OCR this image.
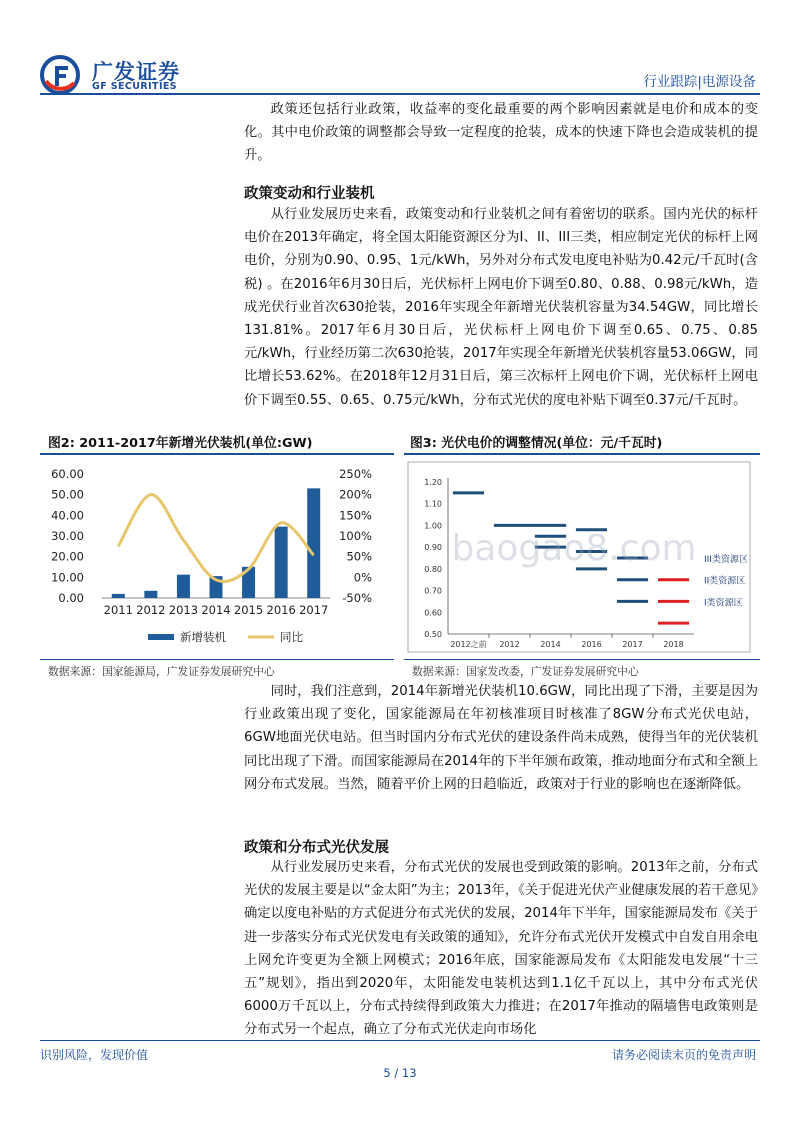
广发证券
GF SECURITIES	行业跟踪|电源设备

政策还包括行业政策，收益率的变化最重要的两个影响因素就是电价和成本的变化。其中电价政策的调整都会导致一定程度的抢装，成本的快速下降也会造成装机的提升。

政策变动和行业装机

从行业发展历史来看，政策变动和行业装机之间有着密切的联系。国内光伏的标杆电价在2013年确定，将全国太阳能资源区分为I、II、III三类，相应制定光伏的标杆上网电价，分别为0.90、0.95、1元/kWh，另外对分布式发电度电补贴为0.42元/千瓦时(含税) 。在2016年6月30日后，光伏标杆上网电价下调至0.80、0.88、0.98元/kWh，造成光伏行业首次630抢装，2016年实现全年新增光伏装机容量为34.54GW，同比增长131.81%。2017年6月30日后，光伏标杆上网电价下调至0.65、0.75、0.85元/kWh，行业经历第二次630抢装，2017年实现全年新增光伏装机容量53.06GW，同比增长53.62%。在2018年12月31日后，第三次标杆上网电价下调，光伏标杆上网电价下调至0.55、0.65、0.75元/kWh，分布式光伏的度电补贴下调至0.37元/千瓦时。

图2: 2011-2017年新增光伏装机(单位:GW)
0.00
10.00
20.00
30.00
40.00
50.00
60.00
-50%
0%
50%
100%
150%
200%
250%
2011 2012 2013 2014 2015 2016 2017
新增装机	同比
数据来源：国家能源局，广发证券发展研究中心
图3: 光伏电价的调整情况(单位：元/千瓦时)
0.50
0.60
0.70
0.80
0.90
1.00
1.10
1.20
2012之前 2012	2014	2016	2017	2018
III类资源区
II类资源区
I类资源区
baogao8.com
数据来源：国家发改委，广发证券发展研究中心

同时，我们注意到，2014年新增光伏装机10.6GW，同比出现了下滑，主要是因为行业政策出现了变化，国家能源局在年初核准项目时核准了8GW分布式光伏电站，6GW地面光伏电站。但当时国内分布式光伏的建设条件尚未成熟，使得当年的光伏装机同比出现了下滑。而国家能源局在2014年的下半年颁布政策，推动地面分布式和全额上网分布式发展。当然，随着平价上网的日趋临近，政策对于行业的影响也在逐渐降低。

政策和分布式光伏发展

从行业发展历史来看，分布式光伏的发展也受到政策的影响。2013年之前，分布式光伏的发展主要是以“金太阳”为主；2013年，《关于促进光伏产业健康发展的若干意见》确定以度电补贴的方式促进分布式光伏的发展，2014年下半年，国家能源局发布《关于进一步落实分布式光伏发电有关政策的通知》，允许分布式光伏开发模式中自发自用余电上网允许变更为全额上网模式；2016年底，国家能源局发布《太阳能发电发展“十三五”规划》，指出到2020年，太阳能发电装机达到1.1亿千瓦以上，其中分布式光伏6000万千瓦以上，分布式持续得到政策大力推进；在2017年推动的隔墙售电政策则是分布式另一个起点，确立了分布式光伏走向市场化

识别风险，发现价值	请务必阅读末页的免责声明
5 / 13
